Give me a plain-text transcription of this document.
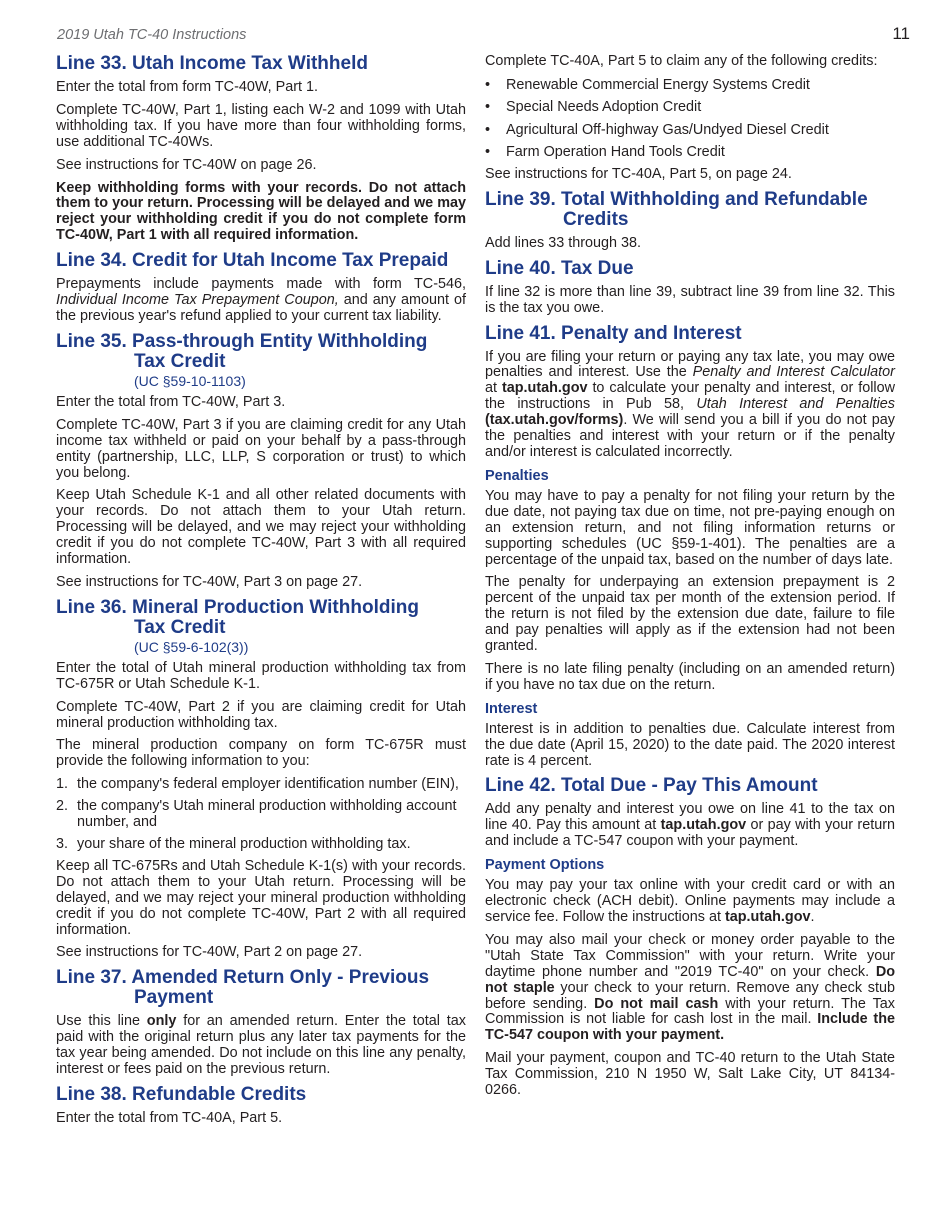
2019 Utah TC-40 Instructions	11
Line 33. Utah Income Tax Withheld

Enter the total from form TC-40W, Part 1.

Complete TC-40W, Part 1, listing each W-2 and 1099 with Utah withholding tax. If you have more than four withholding forms, use additional TC-40Ws.

See instructions for TC-40W on page 26.

Keep withholding forms with your records. Do not attach them to your return. Processing will be delayed and we may reject your withholding credit if you do not complete form TC-40W, Part 1 with all required information.

Line 34. Credit for Utah Income Tax Prepaid

Prepayments include payments made with form TC-546, Individual Income Tax Prepayment Coupon, and any amount of the previous year's refund applied to your current tax liability.

Line 35. Pass-through Entity Withholding
Tax Credit
(UC §59-10-1103)

Enter the total from TC-40W, Part 3.

Complete TC-40W, Part 3 if you are claiming credit for any Utah income tax withheld or paid on your behalf by a pass-through entity (partnership, LLC, LLP, S corporation or trust) to which you belong.

Keep Utah Schedule K-1 and all other related documents with your records. Do not attach them to your Utah return. Processing will be delayed, and we may reject your withholding credit if you do not complete TC-40W, Part 3 with all required information.

See instructions for TC-40W, Part 3 on page 27.

Line 36. Mineral Production Withholding
Tax Credit
(UC §59-6-102(3))

Enter the total of Utah mineral production withholding tax from TC-675R or Utah Schedule K-1.

Complete TC-40W, Part 2 if you are claiming credit for Utah mineral production withholding tax.

The mineral production company on form TC-675R must provide the following information to you:

1. the company's federal employer identification number (EIN),
2. the company's Utah mineral production withholding account number, and
3. your share of the mineral production withholding tax.

Keep all TC-675Rs and Utah Schedule K-1(s) with your records. Do not attach them to your Utah return. Processing will be delayed, and we may reject your mineral production withholding credit if you do not complete TC-40W, Part 2 with all required information.

See instructions for TC-40W, Part 2 on page 27.

Line 37. Amended Return Only - Previous
Payment

Use this line only for an amended return. Enter the total tax paid with the original return plus any later tax payments for the tax year being amended. Do not include on this line any penalty, interest or fees paid on the previous return.

Line 38. Refundable Credits

Enter the total from TC-40A, Part 5.

Complete TC-40A, Part 5 to claim any of the following credits:

• Renewable Commercial Energy Systems Credit
• Special Needs Adoption Credit
• Agricultural Off-highway Gas/Undyed Diesel Credit
• Farm Operation Hand Tools Credit

See instructions for TC-40A, Part 5, on page 24.

Line 39. Total Withholding and Refundable
Credits

Add lines 33 through 38.

Line 40. Tax Due

If line 32 is more than line 39, subtract line 39 from line 32. This is the tax you owe.

Line 41. Penalty and Interest

If you are filing your return or paying any tax late, you may owe penalties and interest. Use the Penalty and Interest Calculator at tap.utah.gov to calculate your penalty and interest, or follow the instructions in Pub 58, Utah Interest and Penalties (tax.utah.gov/forms). We will send you a bill if you do not pay the penalties and interest with your return or if the penalty and/or interest is calculated incorrectly.

Penalties

You may have to pay a penalty for not filing your return by the due date, not paying tax due on time, not pre-paying enough on an extension return, and not filing information returns or supporting schedules (UC §59-1-401). The penalties are a percentage of the unpaid tax, based on the number of days late.

The penalty for underpaying an extension prepayment is 2 percent of the unpaid tax per month of the extension period. If the return is not filed by the extension due date, failure to file and pay penalties will apply as if the extension had not been granted.

There is no late filing penalty (including on an amended return) if you have no tax due on the return.

Interest

Interest is in addition to penalties due. Calculate interest from the due date (April 15, 2020) to the date paid. The 2020 interest rate is 4 percent.

Line 42. Total Due - Pay This Amount

Add any penalty and interest you owe on line 41 to the tax on line 40. Pay this amount at tap.utah.gov or pay with your return and include a TC-547 coupon with your payment.

Payment Options

You may pay your tax online with your credit card or with an electronic check (ACH debit). Online payments may include a service fee. Follow the instructions at tap.utah.gov.

You may also mail your check or money order payable to the "Utah State Tax Commission" with your return. Write your daytime phone number and "2019 TC-40" on your check. Do not staple your check to your return. Remove any check stub before sending. Do not mail cash with your return. The Tax Commission is not liable for cash lost in the mail. Include the TC-547 coupon with your payment.

Mail your payment, coupon and TC-40 return to the Utah State Tax Commission, 210 N 1950 W, Salt Lake City, UT 84134-0266.
